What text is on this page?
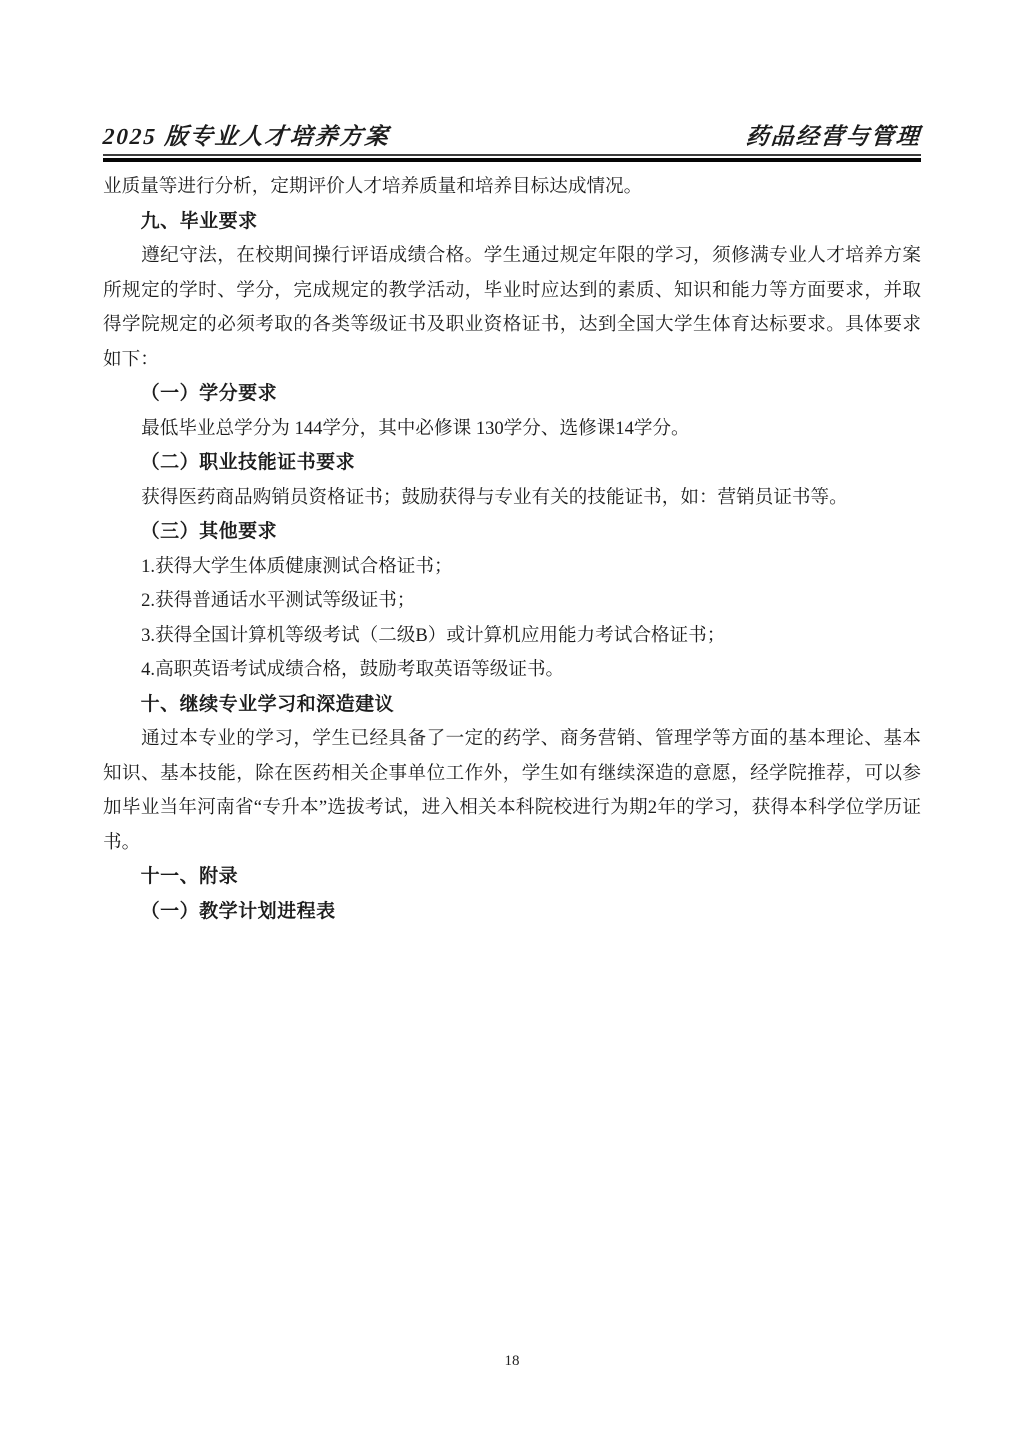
2025 版专业人才培养方案	药品经营与管理

业质量等进行分析，定期评价人才培养质量和培养目标达成情况。

九、毕业要求

遵纪守法，在校期间操行评语成绩合格。学生通过规定年限的学习，须修满专业人才培养方案所规定的学时、学分，完成规定的教学活动，毕业时应达到的素质、知识和能力等方面要求，并取得学院规定的必须考取的各类等级证书及职业资格证书，达到全国大学生体育达标要求。具体要求如下：

（一）学分要求

最低毕业总学分为 144学分，其中必修课 130学分、选修课14学分。

（二）职业技能证书要求

获得医药商品购销员资格证书；鼓励获得与专业有关的技能证书，如：营销员证书等。

（三）其他要求

1.获得大学生体质健康测试合格证书；

2.获得普通话水平测试等级证书；

3.获得全国计算机等级考试（二级B）或计算机应用能力考试合格证书；

4.高职英语考试成绩合格，鼓励考取英语等级证书。

十、继续专业学习和深造建议

通过本专业的学习，学生已经具备了一定的药学、商务营销、管理学等方面的基本理论、基本知识、基本技能，除在医药相关企事单位工作外，学生如有继续深造的意愿，经学院推荐，可以参加毕业当年河南省“专升本”选拔考试，进入相关本科院校进行为期2年的学习，获得本科学位学历证书。

十一、附录

（一）教学计划进程表

18
